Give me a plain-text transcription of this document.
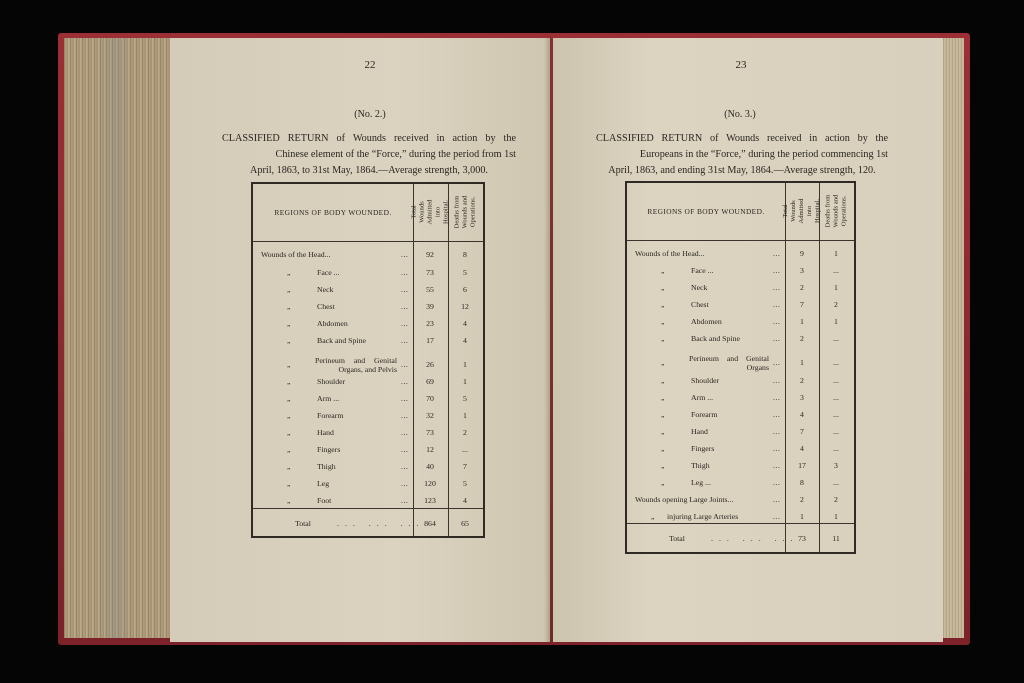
22
(No. 2.)
CLASSIFIED RETURN of Wounds received in action by the
Chinese element of the “Force,” during the period from 1st
April, 1863, to 31st May, 1864.—Average strength, 3,000.
REGIONS OF BODY WOUNDED.	Total Wounds Admitted into Hospital. Deaths from Wounds and Operations.
Wounds of the Head...	...	92	8
„	Face ...	...	73	5
„	Neck	...	55	6
„	Chest	...	39	12
„	Abdomen	...	23	4
„	Back and Spine	...	17	4
„	Perineum and Genital
Organs, and Pelvis
...	26	1
„	Shoulder	...	69	1
„	Arm ...	...	70	5
„	Forearm	...	32	1
„	Hand	...	73	2
„	Fingers	...	12	...
„	Thigh	...	40	7
„	Leg	...	120	5
„	Foot	...	123	4
Total	... ... ... 864	65
23
(No. 3.)
CLASSIFIED RETURN of Wounds received in action by the
Europeans in the “Force,” during the period commencing 1st
April, 1863, and ending 31st May, 1864.—Average strength, 120.
REGIONS OF BODY WOUNDED.	Total Wounds Admitted into Hospital. Deaths from Wounds and Operations.
Wounds of the Head...	...	9	1
„	Face ...	...	3	...
„	Neck	...	2	1
„	Chest	...	7	2
„	Abdomen	...	1	1
„	Back and Spine	...	2	...
„	Perineum and Genital
Organs
...	1	...
„	Shoulder	...	2	...
„	Arm ...	...	3	...
„	Forearm	...	4	...
„	Hand	...	7	...
„	Fingers	...	4	...
„	Thigh	...	17	3
„	Leg ...	...	8	...
Wounds opening Large Joints...	...	2	2
„ injuring Large Arteries	...	1	1
Total	... ... ... 73	11
